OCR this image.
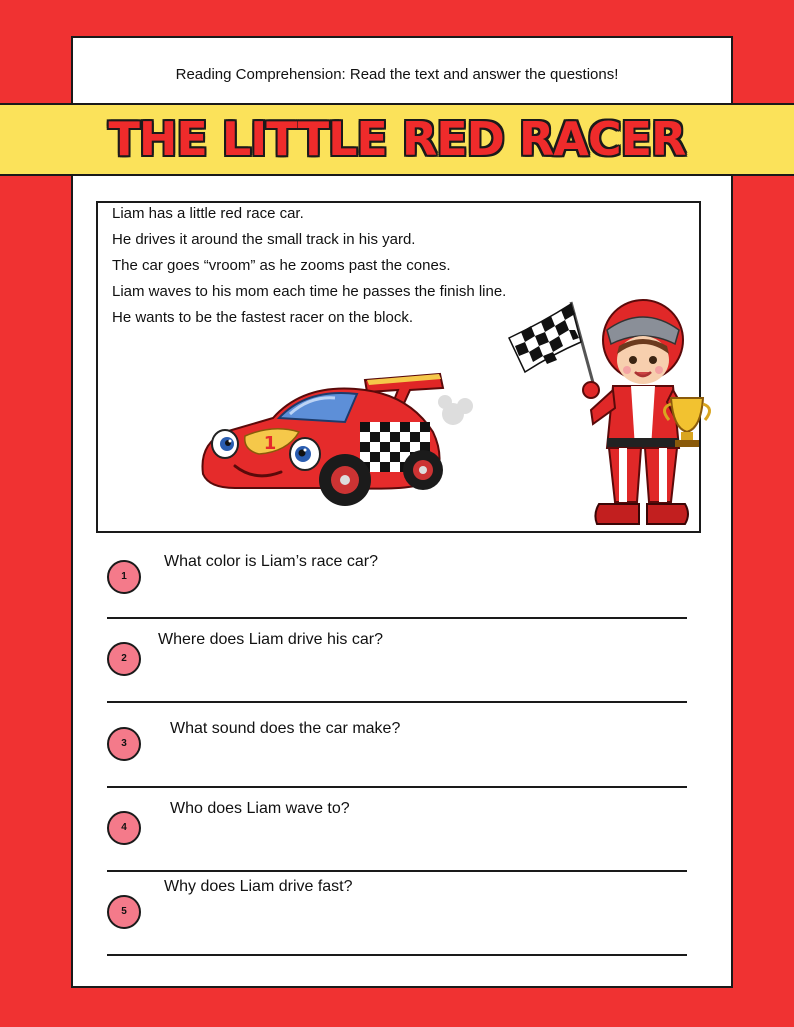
Reading Comprehension: Read the text and answer the questions!
THE LITTLE RED RACER
Liam has a little red race car.
He drives it around the small track in his yard.
The car goes “vroom” as he zooms past the cones.
Liam waves to his mom each time he passes the finish line.
He wants to be the fastest racer on the block.
1
1
What color is Liam’s race car?
2
Where does Liam drive his car?
3
What sound does the car make?
4
Who does Liam wave to?
5
Why does Liam drive fast?
